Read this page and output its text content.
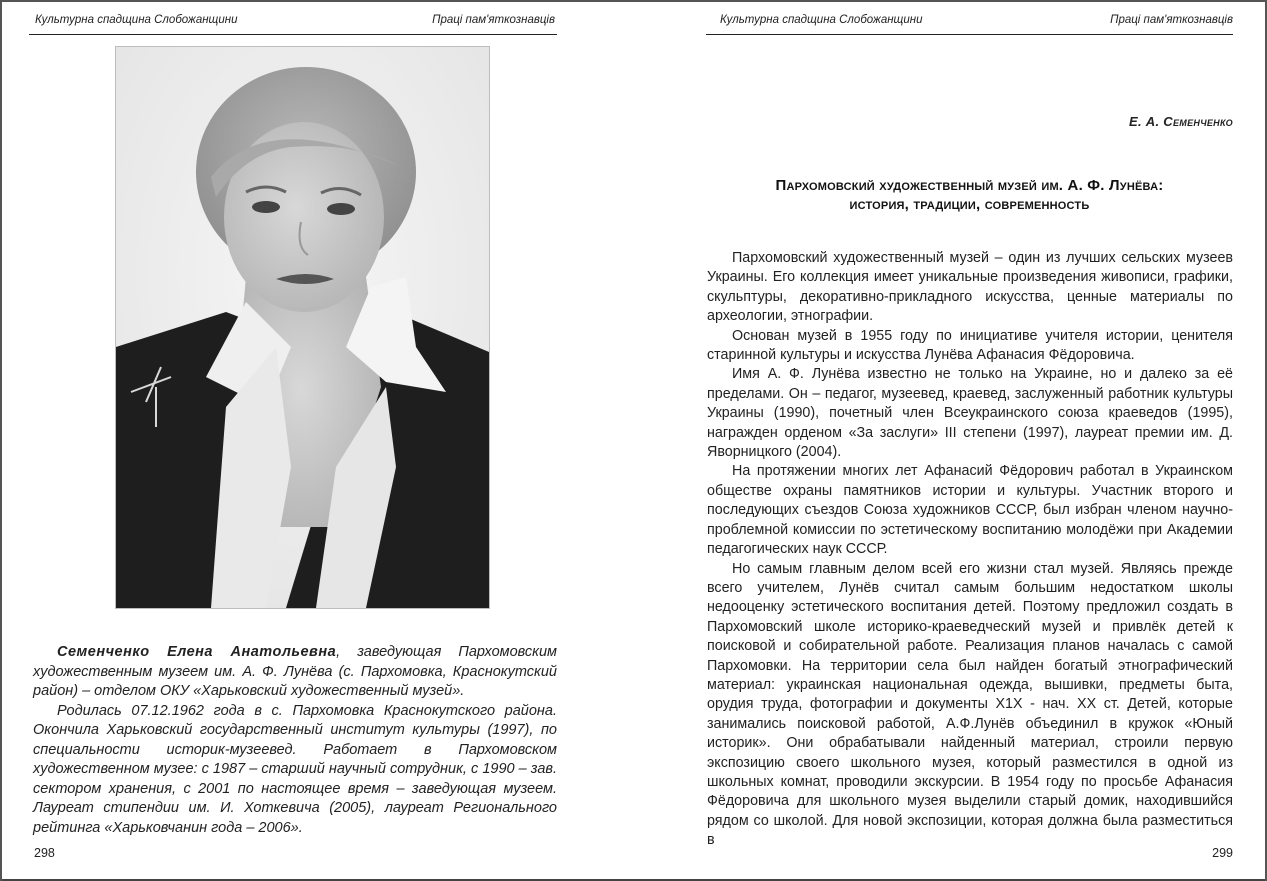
Культурна спадщина Слобожанщини	Праці пам'яткознавців

Семенченко Елена Анатольевна, заведующая Пархомовским художественным музеем им. А. Ф. Лунёва (с. Пархомовка, Краснокутский район) – отделом ОКУ «Харьковский художественный музей».

Родилась 07.12.1962 года в с. Пархомовка Краснокутского района. Окончила Харьковский государственный институт культуры (1997), по специальности историк-музеевед. Работает в Пархомовском художественном музее: с 1987 – старший научный сотрудник, с 1990 – зав. сектором хранения, с 2001 по настоящее время – заведующая музеем. Лауреат стипендии им. И. Хоткевича (2005), лауреат Регионального рейтинга «Харьковчанин года – 2006».

298
Культурна спадщина Слобожанщини	Праці пам'яткознавців
Е. А. Семенченко
Пархомовский художественный музей им. А. Ф. Лунёва:
история, традиции, современность

Пархомовский художественный музей – один из лучших сельских музеев Украины. Его коллекция имеет уникальные произведения живописи, графики, скульптуры, декоративно-прикладного искусства, ценные материалы по археологии, этнографии.

Основан музей в 1955 году по инициативе учителя истории, ценителя старинной культуры и искусства Лунёва Афанасия Фёдоровича.

Имя А. Ф. Лунёва известно не только на Украине, но и далеко за её пределами. Он – педагог, музеевед, краевед, заслуженный работник культуры Украины (1990), почетный член Всеукраинского союза краеведов (1995), награжден орденом «За заслуги» III степени (1997), лауреат премии им. Д. Яворницкого (2004).

На протяжении многих лет Афанасий Фёдорович работал в Украинском обществе охраны памятников истории и культуры. Участник второго и последующих съездов Союза художников СССР, был избран членом научно-проблемной комиссии по эстетическому воспитанию молодёжи при Академии педагогических наук СССР.

Но самым главным делом всей его жизни стал музей. Являясь прежде всего учителем, Лунёв считал самым большим недостатком школы недооценку эстетического воспитания детей. Поэтому предложил создать в Пархомовский школе историко-краеведческий музей и привлёк детей к поисковой и собирательной работе. Реализация планов началась с самой Пархомовки. На территории села был найден богатый этнографический материал: украинская национальная одежда, вышивки, предметы быта, орудия труда, фотографии и документы Х1Х - нач. ХХ ст. Детей, которые занимались поисковой работой, А.Ф.Лунёв объединил в кружок «Юный историк». Они обрабатывали найденный материал, строили первую экспозицию своего школьного музея, который разместился в одной из школьных комнат, проводили экскурсии. В 1954 году по просьбе Афанасия Фёдоровича для школьного музея выделили старый домик, находившийся рядом со школой. Для новой экспозиции, которая должна была разместиться в

299
